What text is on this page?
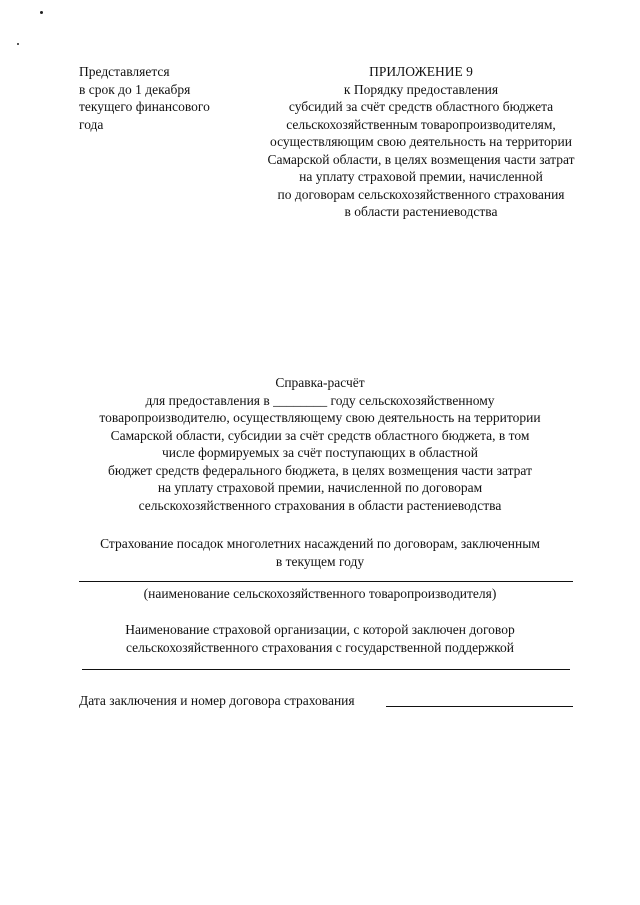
Представляется
в срок до 1 декабря
текущего финансового
года
ПРИЛОЖЕНИЕ 9
к Порядку предоставления
субсидий за счёт средств областного бюджета
сельскохозяйственным товаропроизводителям,
осуществляющим свою деятельность на территории
Самарской области, в целях возмещения части затрат
на уплату страховой премии, начисленной
по договорам сельскохозяйственного страхования
в области растениеводства
Справка-расчёт
для предоставления в ________ году сельскохозяйственному
товаропроизводителю, осуществляющему свою деятельность на территории
Самарской области, субсидии за счёт средств областного бюджета, в том
числе формируемых за счёт поступающих в областной
бюджет средств федерального бюджета, в целях возмещения части затрат
на уплату страховой премии, начисленной по договорам
сельскохозяйственного страхования в области растениеводства
Страхование посадок многолетних насаждений по договорам, заключенным
в текущем году
(наименование сельскохозяйственного товаропроизводителя)
Наименование страховой организации, с которой заключен договор
сельскохозяйственного страхования с государственной поддержкой
Дата заключения и номер договора страхования
